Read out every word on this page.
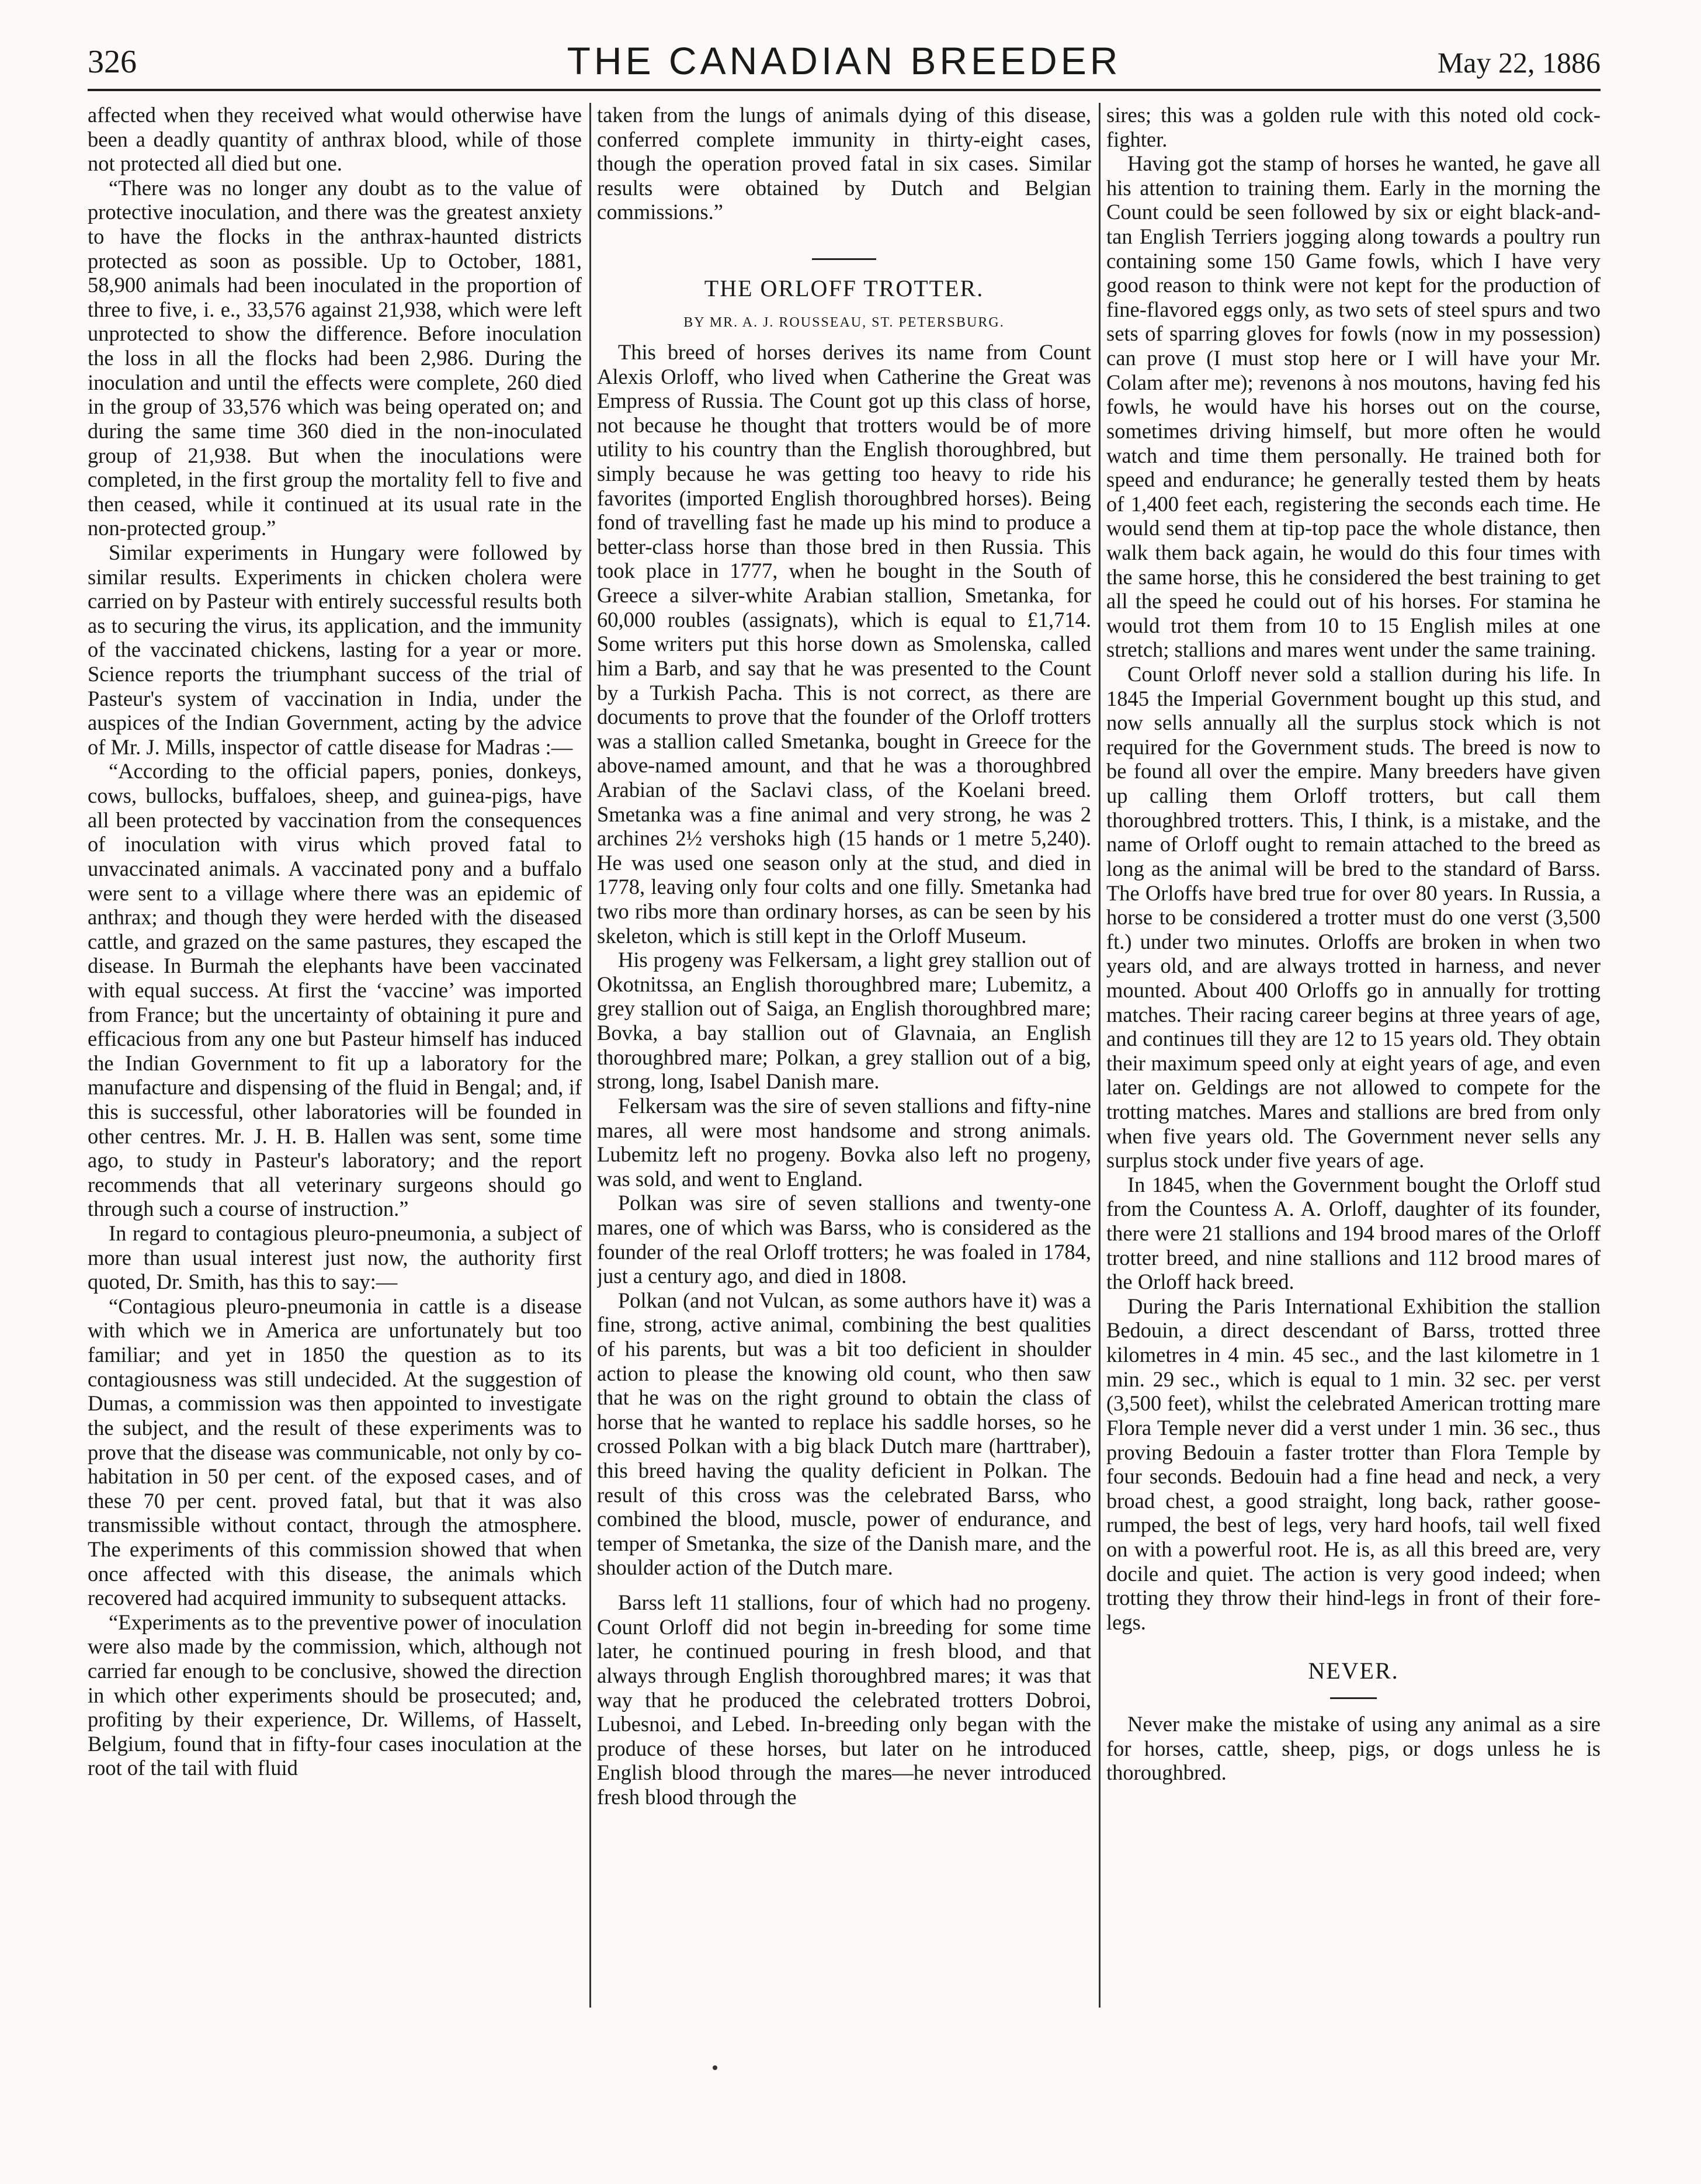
326	THE CANADIAN BREEDER	May 22, 1886

affected when they received what would otherwise have been a deadly quantity of anthrax blood, while of those not protected all died but one.

“There was no longer any doubt as to the value of protective inoculation, and there was the greatest anxiety to have the flocks in the anthrax-haunted districts protected as soon as possible. Up to October, 1881, 58,900 animals had been inoculated in the proportion of three to five, i. e., 33,576 against 21,938, which were left unprotected to show the difference. Before inoculation the loss in all the flocks had been 2,986. During the inoculation and until the effects were complete, 260 died in the group of 33,576 which was being operated on; and during the same time 360 died in the non-inoculated group of 21,938. But when the inoculations were completed, in the first group the mortality fell to five and then ceased, while it continued at its usual rate in the non-protected group.”

Similar experiments in Hungary were followed by similar results. Experiments in chicken cholera were carried on by Pasteur with entirely successful results both as to securing the virus, its application, and the immunity of the vaccinated chickens, lasting for a year or more. Science reports the triumphant success of the trial of Pasteur's system of vaccination in India, under the auspices of the Indian Government, acting by the advice of Mr. J. Mills, inspector of cattle disease for Madras :—

“According to the official papers, ponies, donkeys, cows, bullocks, buffaloes, sheep, and guinea-pigs, have all been protected by vaccination from the consequences of inoculation with virus which proved fatal to unvaccinated animals. A vaccinated pony and a buffalo were sent to a village where there was an epidemic of anthrax; and though they were herded with the diseased cattle, and grazed on the same pastures, they escaped the disease. In Burmah the elephants have been vaccinated with equal success. At first the ‘vaccine’ was imported from France; but the uncertainty of obtaining it pure and efficacious from any one but Pasteur himself has induced the Indian Government to fit up a laboratory for the manufacture and dispensing of the fluid in Bengal; and, if this is successful, other laboratories will be founded in other centres. Mr. J. H. B. Hallen was sent, some time ago, to study in Pasteur's laboratory; and the report recommends that all veterinary surgeons should go through such a course of instruction.”

In regard to contagious pleuro-pneumonia, a subject of more than usual interest just now, the authority first quoted, Dr. Smith, has this to say:—

“Contagious pleuro-pneumonia in cattle is a disease with which we in America are unfortunately but too familiar; and yet in 1850 the question as to its contagiousness was still undecided. At the suggestion of Dumas, a commission was then appointed to investigate the subject, and the result of these experiments was to prove that the disease was communicable, not only by co-habitation in 50 per cent. of the exposed cases, and of these 70 per cent. proved fatal, but that it was also transmissible without contact, through the atmosphere. The experiments of this commission showed that when once affected with this disease, the animals which recovered had acquired immunity to subsequent attacks.

“Experiments as to the preventive power of inoculation were also made by the commission, which, although not carried far enough to be conclusive, showed the direction in which other experiments should be prosecuted; and, profiting by their experience, Dr. Willems, of Hasselt, Belgium, found that in fifty-four cases inoculation at the root of the tail with fluid

taken from the lungs of animals dying of this disease, conferred complete immunity in thirty-eight cases, though the operation proved fatal in six cases. Similar results were obtained by Dutch and Belgian commissions.”

THE ORLOFF TROTTER.

BY MR. A. J. ROUSSEAU, ST. PETERSBURG.

This breed of horses derives its name from Count Alexis Orloff, who lived when Catherine the Great was Empress of Russia. The Count got up this class of horse, not because he thought that trotters would be of more utility to his country than the English thoroughbred, but simply because he was getting too heavy to ride his favorites (imported English thoroughbred horses). Being fond of travelling fast he made up his mind to produce a better-class horse than those bred in then Russia. This took place in 1777, when he bought in the South of Greece a silver-white Arabian stallion, Smetanka, for 60,000 roubles (assignats), which is equal to £1,714. Some writers put this horse down as Smolenska, called him a Barb, and say that he was presented to the Count by a Turkish Pacha. This is not correct, as there are documents to prove that the founder of the Orloff trotters was a stallion called Smetanka, bought in Greece for the above-named amount, and that he was a thoroughbred Arabian of the Saclavi class, of the Koelani breed. Smetanka was a fine animal and very strong, he was 2 archines 2½ vershoks high (15 hands or 1 metre 5,240). He was used one season only at the stud, and died in 1778, leaving only four colts and one filly. Smetanka had two ribs more than ordinary horses, as can be seen by his skeleton, which is still kept in the Orloff Museum.

His progeny was Felkersam, a light grey stallion out of Okotnitssa, an English thoroughbred mare; Lubemitz, a grey stallion out of Saiga, an English thoroughbred mare; Bovka, a bay stallion out of Glavnaia, an English thoroughbred mare; Polkan, a grey stallion out of a big, strong, long, Isabel Danish mare.

Felkersam was the sire of seven stallions and fifty-nine mares, all were most handsome and strong animals. Lubemitz left no progeny. Bovka also left no progeny, was sold, and went to England.

Polkan was sire of seven stallions and twenty-one mares, one of which was Barss, who is considered as the founder of the real Orloff trotters; he was foaled in 1784, just a century ago, and died in 1808.

Polkan (and not Vulcan, as some authors have it) was a fine, strong, active animal, combining the best qualities of his parents, but was a bit too deficient in shoulder action to please the knowing old count, who then saw that he was on the right ground to obtain the class of horse that he wanted to replace his saddle horses, so he crossed Polkan with a big black Dutch mare (harttraber), this breed having the quality deficient in Polkan. The result of this cross was the celebrated Barss, who combined the blood, muscle, power of endurance, and temper of Smetanka, the size of the Danish mare, and the shoulder action of the Dutch mare.

Barss left 11 stallions, four of which had no progeny. Count Orloff did not begin in-breeding for some time later, he continued pouring in fresh blood, and that always through English thoroughbred mares; it was that way that he produced the celebrated trotters Dobroi, Lubesnoi, and Lebed. In-breeding only began with the produce of these horses, but later on he introduced English blood through the mares—he never introduced fresh blood through the

sires; this was a golden rule with this noted old cock-fighter.

Having got the stamp of horses he wanted, he gave all his attention to training them. Early in the morning the Count could be seen followed by six or eight black-and-tan English Terriers jogging along towards a poultry run containing some 150 Game fowls, which I have very good reason to think were not kept for the production of fine-flavored eggs only, as two sets of steel spurs and two sets of sparring gloves for fowls (now in my possession) can prove (I must stop here or I will have your Mr. Colam after me); revenons à nos moutons, having fed his fowls, he would have his horses out on the course, sometimes driving himself, but more often he would watch and time them personally. He trained both for speed and endurance; he generally tested them by heats of 1,400 feet each, registering the seconds each time. He would send them at tip-top pace the whole distance, then walk them back again, he would do this four times with the same horse, this he considered the best training to get all the speed he could out of his horses. For stamina he would trot them from 10 to 15 English miles at one stretch; stallions and mares went under the same training.

Count Orloff never sold a stallion during his life. In 1845 the Imperial Government bought up this stud, and now sells annually all the surplus stock which is not required for the Government studs. The breed is now to be found all over the empire. Many breeders have given up calling them Orloff trotters, but call them thoroughbred trotters. This, I think, is a mistake, and the name of Orloff ought to remain attached to the breed as long as the animal will be bred to the standard of Barss. The Orloffs have bred true for over 80 years. In Russia, a horse to be considered a trotter must do one verst (3,500 ft.) under two minutes. Orloffs are broken in when two years old, and are always trotted in harness, and never mounted. About 400 Orloffs go in annually for trotting matches. Their racing career begins at three years of age, and continues till they are 12 to 15 years old. They obtain their maximum speed only at eight years of age, and even later on. Geldings are not allowed to compete for the trotting matches. Mares and stallions are bred from only when five years old. The Government never sells any surplus stock under five years of age.

In 1845, when the Government bought the Orloff stud from the Countess A. A. Orloff, daughter of its founder, there were 21 stallions and 194 brood mares of the Orloff trotter breed, and nine stallions and 112 brood mares of the Orloff hack breed.

During the Paris International Exhibition the stallion Bedouin, a direct descendant of Barss, trotted three kilometres in 4 min. 45 sec., and the last kilometre in 1 min. 29 sec., which is equal to 1 min. 32 sec. per verst (3,500 feet), whilst the celebrated American trotting mare Flora Temple never did a verst under 1 min. 36 sec., thus proving Bedouin a faster trotter than Flora Temple by four seconds. Bedouin had a fine head and neck, a very broad chest, a good straight, long back, rather goose-rumped, the best of legs, very hard hoofs, tail well fixed on with a powerful root. He is, as all this breed are, very docile and quiet. The action is very good indeed; when trotting they throw their hind-legs in front of their fore-legs.

NEVER.

Never make the mistake of using any animal as a sire for horses, cattle, sheep, pigs, or dogs unless he is thoroughbred.
